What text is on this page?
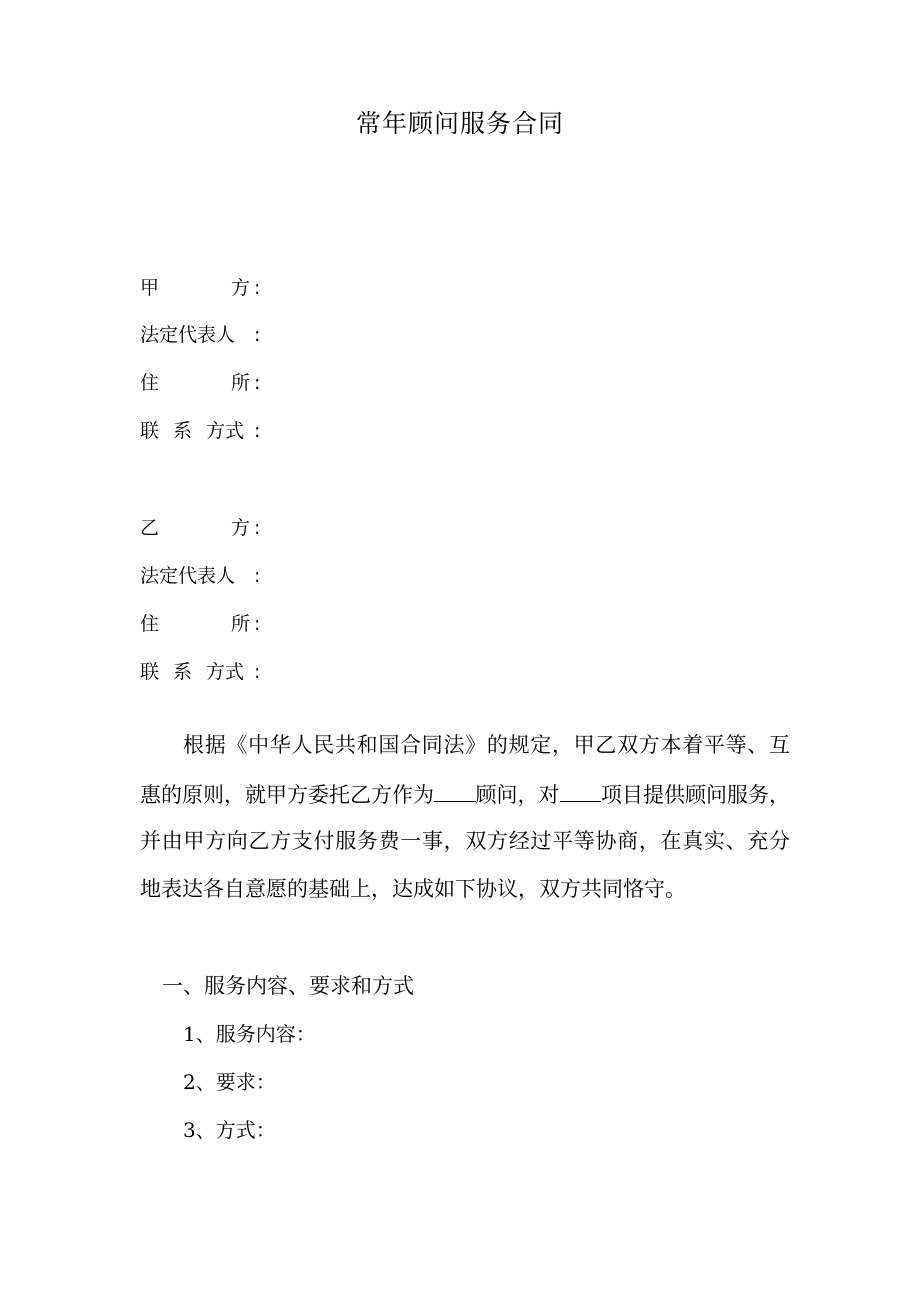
常年顾问服务合同
甲	方 :
法定代表人 :
住	所 :
联 系 方式 :
乙	方 :
法定代表人 :
住	所 :
联 系 方式 :
根据《中华人民共和国合同法》的规定，甲乙双方本着平等、互
惠的原则，就甲方委托乙方作为 顾问，对 项目提供顾问服务，
并由甲方向乙方支付服务费一事，双方经过平等协商，在真实、充分
地表达各自意愿的基础上，达成如下协议，双方共同恪守。
一、服务内容、要求和方式
1、服务内容：
2、要求：
3、方式：
